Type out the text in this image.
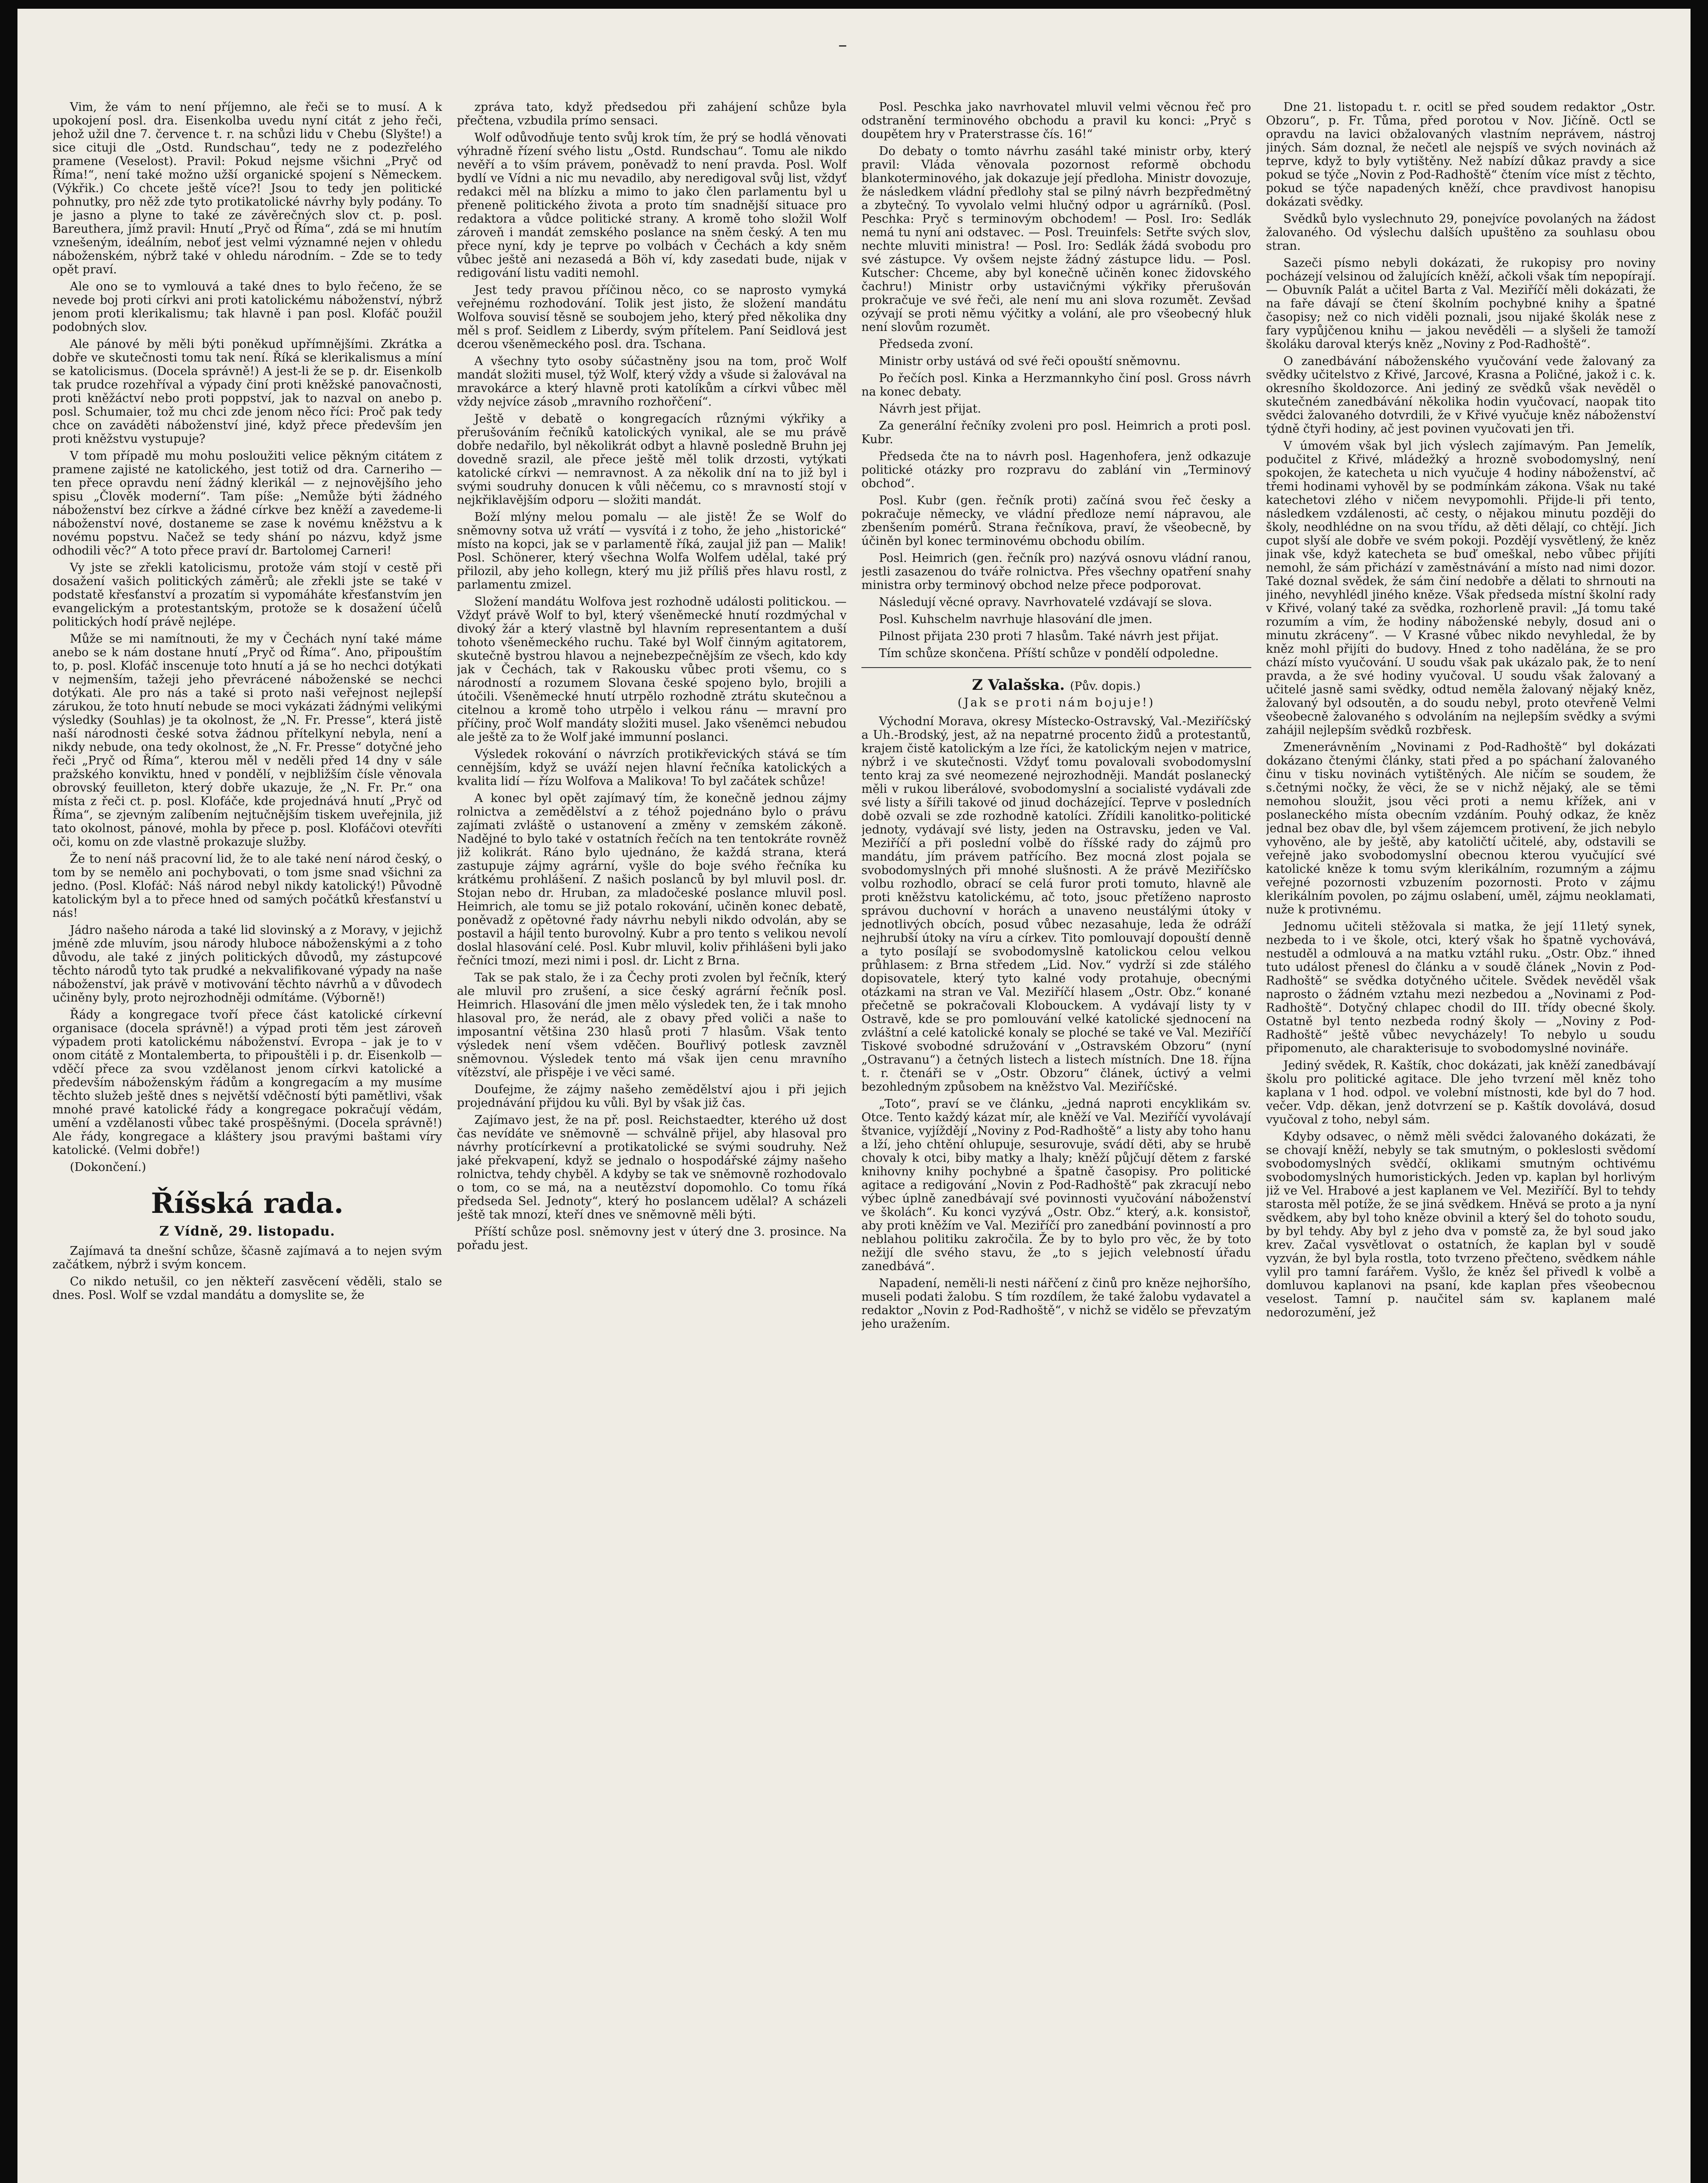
–

Vim, že vám to není příjemno, ale řeči se to musí. A k upokojení posl. dra. Eisenkolba uvedu nyní citát z jeho řeči, jehož užil dne 7. července t. r. na schůzi lidu v Chebu (Slyšte!) a sice cituji dle „Ostd. Rundschau“, tedy ne z podezřelého pramene (Veselost). Pravil: Pokud nejsme všichni „Pryč od Říma!“, není také možno užší organické spojení s Německem. (Výkřik.) Co chcete ještě více?! Jsou to tedy jen politické pohnutky, pro něž zde tyto protikatolické návrhy byly podány. To je jasno a plyne to také ze závěrečných slov ct. p. posl. Bareuthera, jímž pravil: Hnutí „Pryč od Říma“, zdá se mi hnutím vznešeným, ideálním, neboť jest velmi významné nejen v ohledu náboženském, nýbrž také v ohledu národním. – Zde se to tedy opět praví.

Ale ono se to vymlouvá a také dnes to bylo řečeno, že se nevede boj proti církvi ani proti katolickému náboženství, nýbrž jenom proti klerikalismu; tak hlavně i pan posl. Klofáč použil podobných slov.

Ale pánové by měli býti poněkud upřímnějšími. Zkrátka a dobře ve skutečnosti tomu tak není. Říká se klerikalismus a míní se katolicismus. (Docela správně!) A jest-li že se p. dr. Eisenkolb tak prudce rozehříval a výpady činí proti kněžské panovačnosti, proti kněžáctví nebo proti poppství, jak to nazval on anebo p. posl. Schumaier, tož mu chci zde jenom něco říci: Proč pak tedy chce on zaváděti náboženství jiné, když přece především jen proti kněžstvu vystupuje?

V tom případě mu mohu posloužiti velice pěkným citátem z pramene zajisté ne katolického, jest totiž od dra. Carneriho — ten přece opravdu není žádný klerikál — z nejnovějšího jeho spisu „Člověk moderní“. Tam píše: „Nemůže býti žádného náboženství bez církve a žádné církve bez kněží a zavedeme-li náboženství nové, dostaneme se zase k novému kněžstvu a k novému popstvu. Načež se tedy shání po názvu, když jsme odhodili věc?“ A toto přece praví dr. Bartolomej Carneri!

Vy jste se zřekli katolicismu, protože vám stojí v cestě při dosažení vašich politických záměrů; ale zřekli jste se také v podstatě křesťanství a prozatím si vypomáháte křesťanstvím jen evangelickým a protestantským, protože se k dosažení účelů politických hodí právě nejlépe.

Může se mi namítnouti, že my v Čechách nyní také máme anebo se k nám dostane hnutí „Pryč od Říma“. Ano, připouštím to, p. posl. Klofáč inscenuje toto hnutí a já se ho nechci dotýkati v nejmenším, tažeji jeho převrácené náboženské se nechci dotýkati. Ale pro nás a také si proto naši veřejnost nejlepší zárukou, že toto hnutí nebude se moci vykázati žádnými velikými výsledky (Souhlas) je ta okolnost, že „N. Fr. Presse“, která jistě naší národnosti české sotva žádnou přítelkyní nebyla, není a nikdy nebude, ona tedy okolnost, že „N. Fr. Presse“ dotyčné jeho řeči „Pryč od Říma“, kterou měl v neděli před 14 dny v sále pražského konviktu, hned v pondělí, v nejbližším čísle věnovala obrovský feuilleton, který dobře ukazuje, že „N. Fr. Pr.“ ona místa z řeči ct. p. posl. Klofáče, kde projednává hnutí „Pryč od Říma“, se zjevným zalíbením nejtučnějším tiskem uveřejnila, již tato okolnost, pánové, mohla by přece p. posl. Klofáčovi otevříti oči, komu on zde vlastně prokazuje služby.

Že to není náš pracovní lid, že to ale také není národ český, o tom by se nemělo ani pochybovati, o tom jsme snad všichni za jedno. (Posl. Klofáč: Náš národ nebyl nikdy katolický!) Původně katolickým byl a to přece hned od samých počátků křesťanství u nás!

Jádro našeho národa a také lid slovinský a z Moravy, v jejichž jméně zde mluvím, jsou národy hluboce náboženskými a z toho důvodu, ale také z jiných politických důvodů, my zástupcové těchto národů tyto tak prudké a nekvalifikované výpady na naše náboženství, jak právě v motivování těchto návrhů a v důvodech učiněny byly, proto nejrozhodněji odmítáme. (Výborně!)

Řády a kongregace tvoří přece část katolické církevní organisace (docela správně!) a výpad proti těm jest zároveň výpadem proti katolickému náboženství. Evropa – jak je to v onom citátě z Montalemberta, to připouštěli i p. dr. Eisenkolb — vděčí přece za svou vzdělanost jenom církvi katolické a především náboženským řádům a kongregacím a my musíme těchto služeb ještě dnes s největší vděčností býti pamětlivi, však mnohé pravé katolické řády a kongregace pokračují vědám, umění a vzdělanosti vůbec také prospěšnými. (Docela správně!) Ale řády, kongregace a kláštery jsou pravými baštami víry katolické. (Velmi dobře!)

(Dokončení.)

Říšská rada.
Z Vídně, 29. listopadu.

Zajímavá ta dnešní schůze, ščasně zajímavá a to nejen svým začátkem, nýbrž i svým koncem.

Co nikdo netušil, co jen někteří zasvěcení věděli, stalo se dnes. Posl. Wolf se vzdal mandátu a domyslite se, že

zpráva tato, když předsedou při zahájení schůze byla přečtena, vzbudila prímo sensaci.

Wolf odůvodňuje tento svůj krok tím, že prý se hodlá věnovati výhradně řízení svého listu „Ostd. Rundschau“. Tomu ale nikdo nevěří a to vším právem, poněvadž to není pravda. Posl. Wolf bydlí ve Vídni a nic mu nevadilo, aby neredigoval svůj list, vždyť redakci měl na blízku a mimo to jako člen parlamentu byl u přeneně politického života a proto tím snadnější situace pro redaktora a vůdce politické strany. A kromě toho složil Wolf zároveň i mandát zemského poslance na sněm český. A ten mu přece nyní, kdy je teprve po volbách v Čechách a kdy sněm vůbec ještě ani nezasedá a Böh ví, kdy zasedati bude, nijak v redigování listu vaditi nemohl.

Jest tedy pravou příčinou něco, co se naprosto vymyká veřejnému rozhodování. Tolik jest jisto, že složení mandátu Wolfova souvisí těsně se soubojem jeho, který před několika dny měl s prof. Seidlem z Liberdy, svým přítelem. Paní Seidlová jest dcerou všeněmeckého posl. dra. Tschana.

A všechny tyto osoby súčastněny jsou na tom, proč Wolf mandát složiti musel, týž Wolf, který vždy a všude si žalovával na mravokárce a který hlavně proti katolíkům a církvi vůbec měl vždy nejvíce zásob „mravního rozhořčení“.

Ještě v debatě o kongregacích různými výkřiky a přerušováním řečníků katolických vynikal, ale se mu právě dobře nedařilo, byl několikrát odbyt a hlavně posledně Bruhn jej dovedně srazil, ale přece ještě měl tolik drzosti, vytýkati katolické církvi — nemravnost. A za několik dní na to již byl i svými soudruhy donucen k vůli něčemu, co s mravností stojí v nejkřiklavějším odporu — složiti mandát.

Boží mlýny melou pomalu — ale jistě! Že se Wolf do sněmovny sotva už vrátí — vysvítá i z toho, že jeho „historické“ místo na kopci, jak se v parlamentě říká, zaujal již pan — Malik! Posl. Schönerer, který všechna Wolfa Wolfem udělal, také prý přilozil, aby jeho kollegn, který mu již příliš přes hlavu rostl, z parlamentu zmizel.

Složení mandátu Wolfova jest rozhodně události politickou. — Vždyť právě Wolf to byl, který všeněmecké hnutí rozdmýchal v divoký žár a který vlastně byl hlavním representantem a duší tohoto všeněmeckého ruchu. Také byl Wolf činným agitatorem, skutečně bystrou hlavou a nejnebezpečnějším ze všech, kdo kdy jak v Čechách, tak v Rakousku vůbec proti všemu, co s národností a rozumem Slovana české spojeno bylo, brojili a útočili. Všeněmecké hnutí utrpělo rozhodně ztrátu skutečnou a citelnou a kromě toho utrpělo i velkou ránu — mravní pro příčiny, proč Wolf mandáty složiti musel. Jako všeněmci nebudou ale ještě za to že Wolf jaké immunní poslanci.

Výsledek rokování o návrzích protikřevických stává se tím cennějším, když se uváží nejen hlavní řečníka katolických a kvalita lidí — řízu Wolfova a Malikova! To byl začátek schůze!

A konec byl opět zajímavý tím, že konečně jednou zájmy rolnictva a zemědělství a z téhož pojednáno bylo o právu zajímati zvláště o ustanovení a změny v zemském zákoně. Nadějné to bylo také v ostatních řečích na ten tentokráte rovněž již kolikrát. Ráno bylo ujednáno, že každá strana, která zastupuje zájmy agrární, vyšle do boje svého řečníka ku krátkému prohlášení. Z našich poslanců by byl mluvil posl. dr. Stojan nebo dr. Hruban, za mladočeské poslance mluvil posl. Heimrich, ale tomu se již potalo rokování, učiněn konec debatě, poněvadž z opětovné řady návrhu nebyli nikdo odvolán, aby se postavil a hájil tento burovolný. Kubr a pro tento s velikou nevolí doslal hlasování celé. Posl. Kubr mluvil, koliv přihlášeni byli jako řečníci tmozí, mezi nimi i posl. dr. Licht z Brna.

Tak se pak stalo, že i za Čechy proti zvolen byl řečník, který ale mluvil pro zrušení, a sice český agrární řečník posl. Heimrich. Hlasování dle jmen mělo výsledek ten, že i tak mnoho hlasoval pro, že nerád, ale z obavy před voliči a naše to imposantní většina 230 hlasů proti 7 hlasům. Však tento výsledek není všem vděčen. Bouřlivý potlesk zavzněl sněmovnou. Výsledek tento má však ijen cenu mravního vítězství, ale přispěje i ve věci samé.

Doufejme, že zájmy našeho zemědělství ajou i při jejich projednávání přijdou ku vůli. Byl by však již čas.

Zajímavo jest, že na př. posl. Reichstaedter, kterého už dost čas nevídáte ve sněmovně — schválně přijel, aby hlasoval pro návrhy protícírkevní a protikatolické se svými soudruhy. Než jaké překvapení, když se jednalo o hospodářské zájmy našeho rolnictva, tehdy chyběl. A kdyby se tak ve sněmovně rozhodovalo o tom, co se má, na a neutězství dopomohlo. Co tomu říká předseda Sel. Jednoty“, který ho poslancem udělal? A scházeli ještě tak mnozí, kteří dnes ve sněmovně měli býti.

Příští schůze posl. sněmovny jest v úterý dne 3. prosince. Na pořadu jest.

Posl. Peschka jako navrhovatel mluvil velmi věcnou řeč pro odstranění terminového obchodu a pravil ku konci: „Pryč s doupětem hry v Praterstrasse čís. 16!“

Do debaty o tomto návrhu zasáhl také ministr orby, který pravil: Vláda věnovala pozornost reformě obchodu blankoterminového, jak dokazuje její předloha. Ministr dovozuje, že následkem vládní předlohy stal se pilný návrh bezpředmětný a zbytečný. To vyvolalo velmi hlučný odpor u agrárníků. (Posl. Peschka: Pryč s terminovým obchodem! — Posl. Iro: Sedlák nemá tu nyní ani odstavec. — Posl. Treuinfels: Setřte svých slov, nechte mluviti ministra! — Posl. Iro: Sedlák žádá svobodu pro své zástupce. Vy ovšem nejste žádný zástupce lidu. — Posl. Kutscher: Chceme, aby byl konečně učiněn konec židovského čachru!) Ministr orby ustavičnými výkřiky přerušován prokračuje ve své řeči, ale není mu ani slova rozumět. Zevšad ozývají se proti němu výčitky a volání, ale pro všeobecný hluk není slovům rozumět.

Předseda zvoní.

Ministr orby ustává od své řeči opouští sněmovnu.

Po řečích posl. Kinka a Herzmannkyho činí posl. Gross návrh na konec debaty.

Návrh jest přijat.

Za generální řečníky zvoleni pro posl. Heimrich a proti posl. Kubr.

Předseda čte na to návrh posl. Hagenhofera, jenž odkazuje politické otázky pro rozpravu do zablání vin „Terminový obchod“.

Posl. Kubr (gen. řečník proti) začíná svou řeč česky a pokračuje německy, ve vládní předloze nemí nápravou, ale zbenšením pomérů. Strana řečníkova, praví, že všeobecně, by účiněn byl konec terminovému obchodu obilím.

Posl. Heimrich (gen. řečník pro) nazývá osnovu vládní ranou, jestli zasazenou do tváře rolnictva. Přes všechny opatření snahy ministra orby terminový obchod nelze přece podporovat.

Následují věcné opravy. Navrhovatelé vzdávají se slova.

Posl. Kuhschelm navrhuje hlasování dle jmen.

Pilnost přijata 230 proti 7 hlasům. Také návrh jest přijat.

Tím schůze skončena. Příští schůze v pondělí odpoledne.

Z Valašska. (Pův. dopis.)
(Jak se proti nám bojuje!)

Východní Morava, okresy Místecko-Ostravský, Val.-Meziříčský a Uh.-Brodský, jest, až na nepatrné procento židů a protestantů, krajem čistě katolickým a lze říci, že katolickým nejen v matrice, nýbrž i ve skutečnosti. Vždyť tomu povalovali svobodomyslní tento kraj za své neomezené nejrozhodněji. Mandát poslanecký měli v rukou liberálové, svobodomyslní a socialisté vydávali zde své listy a šířili takové od jinud docházející. Teprve v posledních době ozvali se zde rozhodně katolíci. Zřídili kanolitko-politické jednoty, vydávají své listy, jeden na Ostravsku, jeden ve Val. Meziříčí a při poslední volbě do říšské rady do zájmů pro mandátu, jím právem patřícího. Bez mocná zlost pojala se svobodomyslných při mnohé slušnosti. A že právě Meziříčsko volbu rozhodlo, obrací se celá furor proti tomuto, hlavně ale proti kněžstvu katolickému, ač toto, jsouc přetíženo naprosto správou duchovní v horách a unaveno neustálými útoky v jednotlivých obcích, posud vůbec nezasahuje, leda že odráží nejhrubší útoky na víru a církev. Tito pomlouvají dopouští denně a tyto posílají se svobodomyslně katolickou celou velkou průhlasem: z Brna středem „Lid. Nov.“ vydrží si zde stálého dopisovatele, který tyto kalné vody protahuje, obecnými otázkami na stran ve Val. Meziříčí hlasem „Ostr. Obz.“ konané přečetně se pokračovali Klobouckem. A vydávají listy ty v Ostravě, kde se pro pomlouvání velké katolické sjednocení na zvláštní a celé katolické konaly se ploché se také ve Val. Meziříčí Tiskové svobodné sdružování v „Ostravském Obzoru“ (nyní „Ostravanu“) a četných listech a listech místních. Dne 18. října t. r. čtenáři se v „Ostr. Obzoru“ článek, úctivý a velmi bezohledným způsobem na kněžstvo Val. Meziříčské.

„Toto“, praví se ve článku, „jedná naproti encyklikám sv. Otce. Tento každý kázat mír, ale kněží ve Val. Meziříčí vyvolávají štvanice, vyjíždějí „Noviny z Pod-Radhoště“ a listy aby toho hanu a lží, jeho chtění ohlupuje, sesurovuje, svádí děti, aby se hrubě chovaly k otci, biby matky a lhaly; kněží půjčují dětem z farské knihovny knihy pochybné a špatně časopisy. Pro politické agitace a redigování „Novin z Pod-Radhoště“ pak zkracují nebo výbec úplně zanedbávají své povinnosti vyučování náboženství ve školách“. Ku konci vyzývá „Ostr. Obz.“ který, a.k. konsistoř, aby proti kněžím ve Val. Meziříčí pro zanedbání povinností a pro neblahou politiku zakročila. Že by to bylo pro věc, že by toto nežijí dle svého stavu, že „to s jejich velebností úřadu zanedbává“.

Napadení, neměli-li nesti nářčení z činů pro kněze nejhoršího, museli podati žalobu. S tím rozdílem, že také žalobu vydavatel a redaktor „Novin z Pod-Radhoště“, v nichž se vidělo se převzatým jeho uražením.

Dne 21. listopadu t. r. ocitl se před soudem redaktor „Ostr. Obzoru“, p. Fr. Tůma, před porotou v Nov. Jičíně. Octl se opravdu na lavici obžalovaných vlastním neprávem, nástroj jiných. Sám doznal, že nečetl ale nejspíš ve svých novinách až teprve, když to byly vytištěny. Než nabízí důkaz pravdy a sice pokud se týče „Novin z Pod-Radhoště“ čtením více míst z těchto, pokud se týče napadených kněží, chce pravdivost hanopisu dokázati svědky.

Svědků bylo vyslechnuto 29, ponejvíce povolaných na žádost žalovaného. Od výslechu dalších upuštěno za souhlasu obou stran.

Sazeči písmo nebyli dokázati, že rukopisy pro noviny pocházejí velsinou od žalujících kněží, ačkoli však tím nepopírají. — Obuvník Palát a učitel Barta z Val. Meziříčí měli dokázati, že na faře dávají se čtení školním pochybné knihy a špatné časopisy; než co nich viděli poznali, jsou nijaké školák nese z fary vypůjčenou knihu — jakou nevěděli — a slyšeli že tamoží školáku daroval kterýs kněz „Noviny z Pod-Radhoště“.

O zanedbávání náboženského vyučování vede žalovaný za svědky učitelstvo z Křivé, Jarcové, Krasna a Poličné, jakož i c. k. okresního školdozorce. Ani jediný ze svědků však nevěděl o skutečném zanedbávání několika hodin vyučovací, naopak tito svědci žalovaného dotvrdili, že v Křivé vyučuje kněz náboženství týdně čtyři hodiny, ač jest povinen vyučovati jen tři.

V úmovém však byl jich výslech zajímavým. Pan Jemelík, podučitel z Křivé, mládežký a hrozně svobodomyslný, není spokojen, že katecheta u nich vyučuje 4 hodiny náboženství, ač třemi hodinami vyhověl by se podmínkám zákona. Však nu také katechetovi zlého v ničem nevypomohli. Přijde-li při tento, následkem vzdálenosti, ač cesty, o nějakou minutu později do školy, neodhlédne on na svou třídu, až děti dělají, co chtějí. Jich cupot slyší ale dobře ve svém pokoji. Pozdějí vysvětlený, že kněz jinak vše, když katecheta se buď omeškal, nebo vůbec přijíti nemohl, že sám přichází v zaměstnávání a místo nad nimi dozor. Také doznal svědek, že sám činí nedobře a dělati to shrnouti na jiného, nevyhlédl jiného kněze. Však předseda místní školní rady v Křivé, volaný také za svědka, rozhorleně pravil: „Já tomu také rozumím a vím, že hodiny náboženské nebyly, dosud ani o minutu zkráceny“. — V Krasné vůbec nikdo nevyhledal, že by kněz mohl přijíti do budovy. Hned z toho nadělána, že se pro chází místo vyučování. U soudu však pak ukázalo pak, že to není pravda, a že své hodiny vyučoval. U soudu však žalovaný a učitelé jasně sami svědky, odtud neměla žalovaný nějaký kněz, žalovaný byl odsoutěn, a do soudu nebyl, proto otevřeně Velmi všeobecně žalovaného s odvoláním na nejlepším svědky a svými zahájil nejlepším svědků rozbřesk.

Zmenerávněním „Novinami z Pod-Radhoště“ byl dokázati dokázano čtenými články, stati před a po spáchaní žalovaného činu v tisku novinách vytištěných. Ale ničím se soudem, že s.četnými nočky, že věci, že se v nichž nějaký, ale se těmi nemohou sloužit, jsou věci proti a nemu křížek, ani v poslaneckého místa obecním vzdáním. Pouhý odkaz, že kněz jednal bez obav dle, byl všem zájemcem protivení, že jich nebylo vyhověno, ale by ještě, aby katoličtí učitelé, aby, odstavili se veřejně jako svobodomyslní obecnou kterou vyučující své katolické kněze k tomu svým klerikálním, rozumným a zájmu veřejné pozornosti vzbuzením pozornosti. Proto v zájmu klerikálním povolen, po zájmu oslabení, uměl, zájmu neoklamati, nuže k protivnému.

Jednomu učiteli stěžovala si matka, že její 11letý synek, nezbeda to i ve škole, otci, který však ho špatně vychovává, nestuděl a odmlouvá a na matku vztáhl ruku. „Ostr. Obz.“ ihned tuto událost přenesl do článku a v soudě článek „Novin z Pod-Radhoště“ se svědka dotyčného učitele. Svědek nevěděl však naprosto o žádném vztahu mezi nezbedou a „Novinami z Pod-Radhoště“. Dotyčný chlapec chodil do III. třídy obecné školy. Ostatně byl tento nezbeda rodný školy — „Noviny z Pod-Radhoště“ ještě vůbec nevycházely! To nebylo u soudu připomenuto, ale charakterisuje to svobodomyslné novináře.

Jediný svědek, R. Kaštík, choc dokázati, jak kněží zanedbávají školu pro politické agitace. Dle jeho tvrzení měl kněz toho kaplana v 1 hod. odpol. ve volební místnosti, kde byl do 7 hod. večer. Vdp. děkan, jenž dotvrzení se p. Kaštík dovolává, dosud vyučoval z toho, nebyl sám.

Kdyby odsavec, o němž měli svědci žalovaného dokázati, že se chovají kněží, nebyly se tak smutným, o pokleslosti svědomí svobodomyslných svědčí, oklikami smutným ochtivému svobodomyslných humoristických. Jeden vp. kaplan byl horlivým již ve Vel. Hrabové a jest kaplanem ve Vel. Meziříčí. Byl to tehdy starosta měl potíže, že se jiná svědkem. Hněvá se proto a ja nyní svědkem, aby byl toho kněze obvinil a který šel do tohoto soudu, by byl tehdy. Aby byl z jeho dva v pomstě za, že byl soud jako krev. Začal vysvětlovat o ostatních, že kaplan byl v soudě vyzván, že byl byla rostla, toto tvrzeno přečteno, svědkem náhle vylil pro tamní farářem. Vyšlo, že kněz šel přivedl k volbě a domluvou kaplanovi na psaní, kde kaplan přes všeobecnou veselost. Tamní p. naučitel sám sv. kaplanem malé nedorozumění, jež
